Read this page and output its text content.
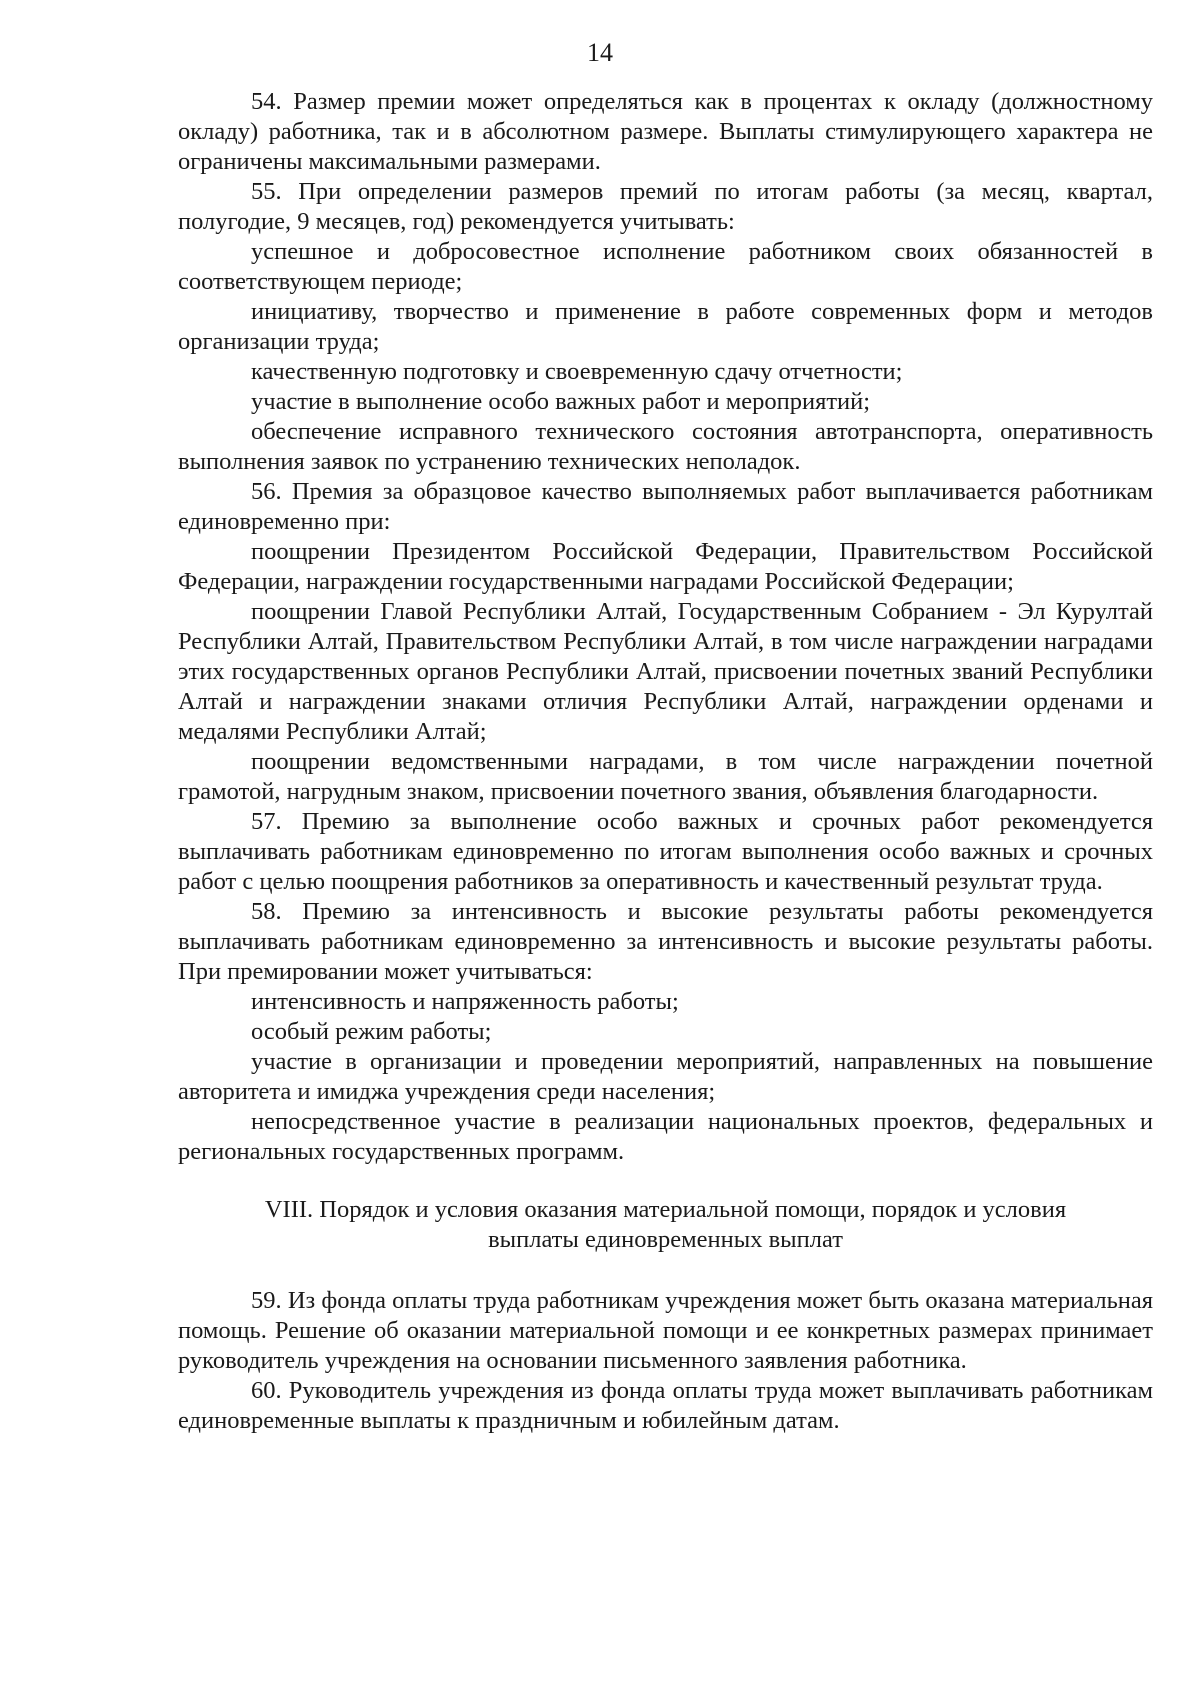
14

54. Размер премии может определяться как в процентах к окладу (должностному окладу) работника, так и в абсолютном размере. Выплаты стимулирующего характера не ограничены максимальными размерами.

55. При определении размеров премий по итогам работы (за месяц, квартал, полугодие, 9 месяцев, год) рекомендуется учитывать:

успешное и добросовестное исполнение работником своих обязанностей в соответствующем периоде;

инициативу, творчество и применение в работе современных форм и методов организации труда;

качественную подготовку и своевременную сдачу отчетности;

участие в выполнение особо важных работ и мероприятий;

обеспечение исправного технического состояния автотранспорта, оперативность выполнения заявок по устранению технических неполадок.

56. Премия за образцовое качество выполняемых работ выплачивается работникам единовременно при:

поощрении Президентом Российской Федерации, Правительством Российской Федерации, награждении государственными наградами Российской Федерации;

поощрении Главой Республики Алтай, Государственным Собранием - Эл Курултай Республики Алтай, Правительством Республики Алтай, в том числе награждении наградами этих государственных органов Республики Алтай, присвоении почетных званий Республики Алтай и награждении знаками отличия Республики Алтай, награждении орденами и медалями Республики Алтай;

поощрении ведомственными наградами, в том числе награждении почетной грамотой, нагрудным знаком, присвоении почетного звания, объявления благодарности.

57. Премию за выполнение особо важных и срочных работ рекомендуется выплачивать работникам единовременно по итогам выполнения особо важных и срочных работ с целью поощрения работников за оперативность и качественный результат труда.

58. Премию за интенсивность и высокие результаты работы рекомендуется выплачивать работникам единовременно за интенсивность и высокие результаты работы. При премировании может учитываться:

интенсивность и напряженность работы;

особый режим работы;

участие в организации и проведении мероприятий, направленных на повышение авторитета и имиджа учреждения среди населения;

непосредственное участие в реализации национальных проектов, федеральных и региональных государственных программ.

VIII. Порядок и условия оказания материальной помощи, порядок и условия
выплаты единовременных выплат

59. Из фонда оплаты труда работникам учреждения может быть оказана материальная помощь. Решение об оказании материальной помощи и ее конкретных размерах принимает руководитель учреждения на основании письменного заявления работника.

60. Руководитель учреждения из фонда оплаты труда может выплачивать работникам единовременные выплаты к праздничным и юбилейным датам.
